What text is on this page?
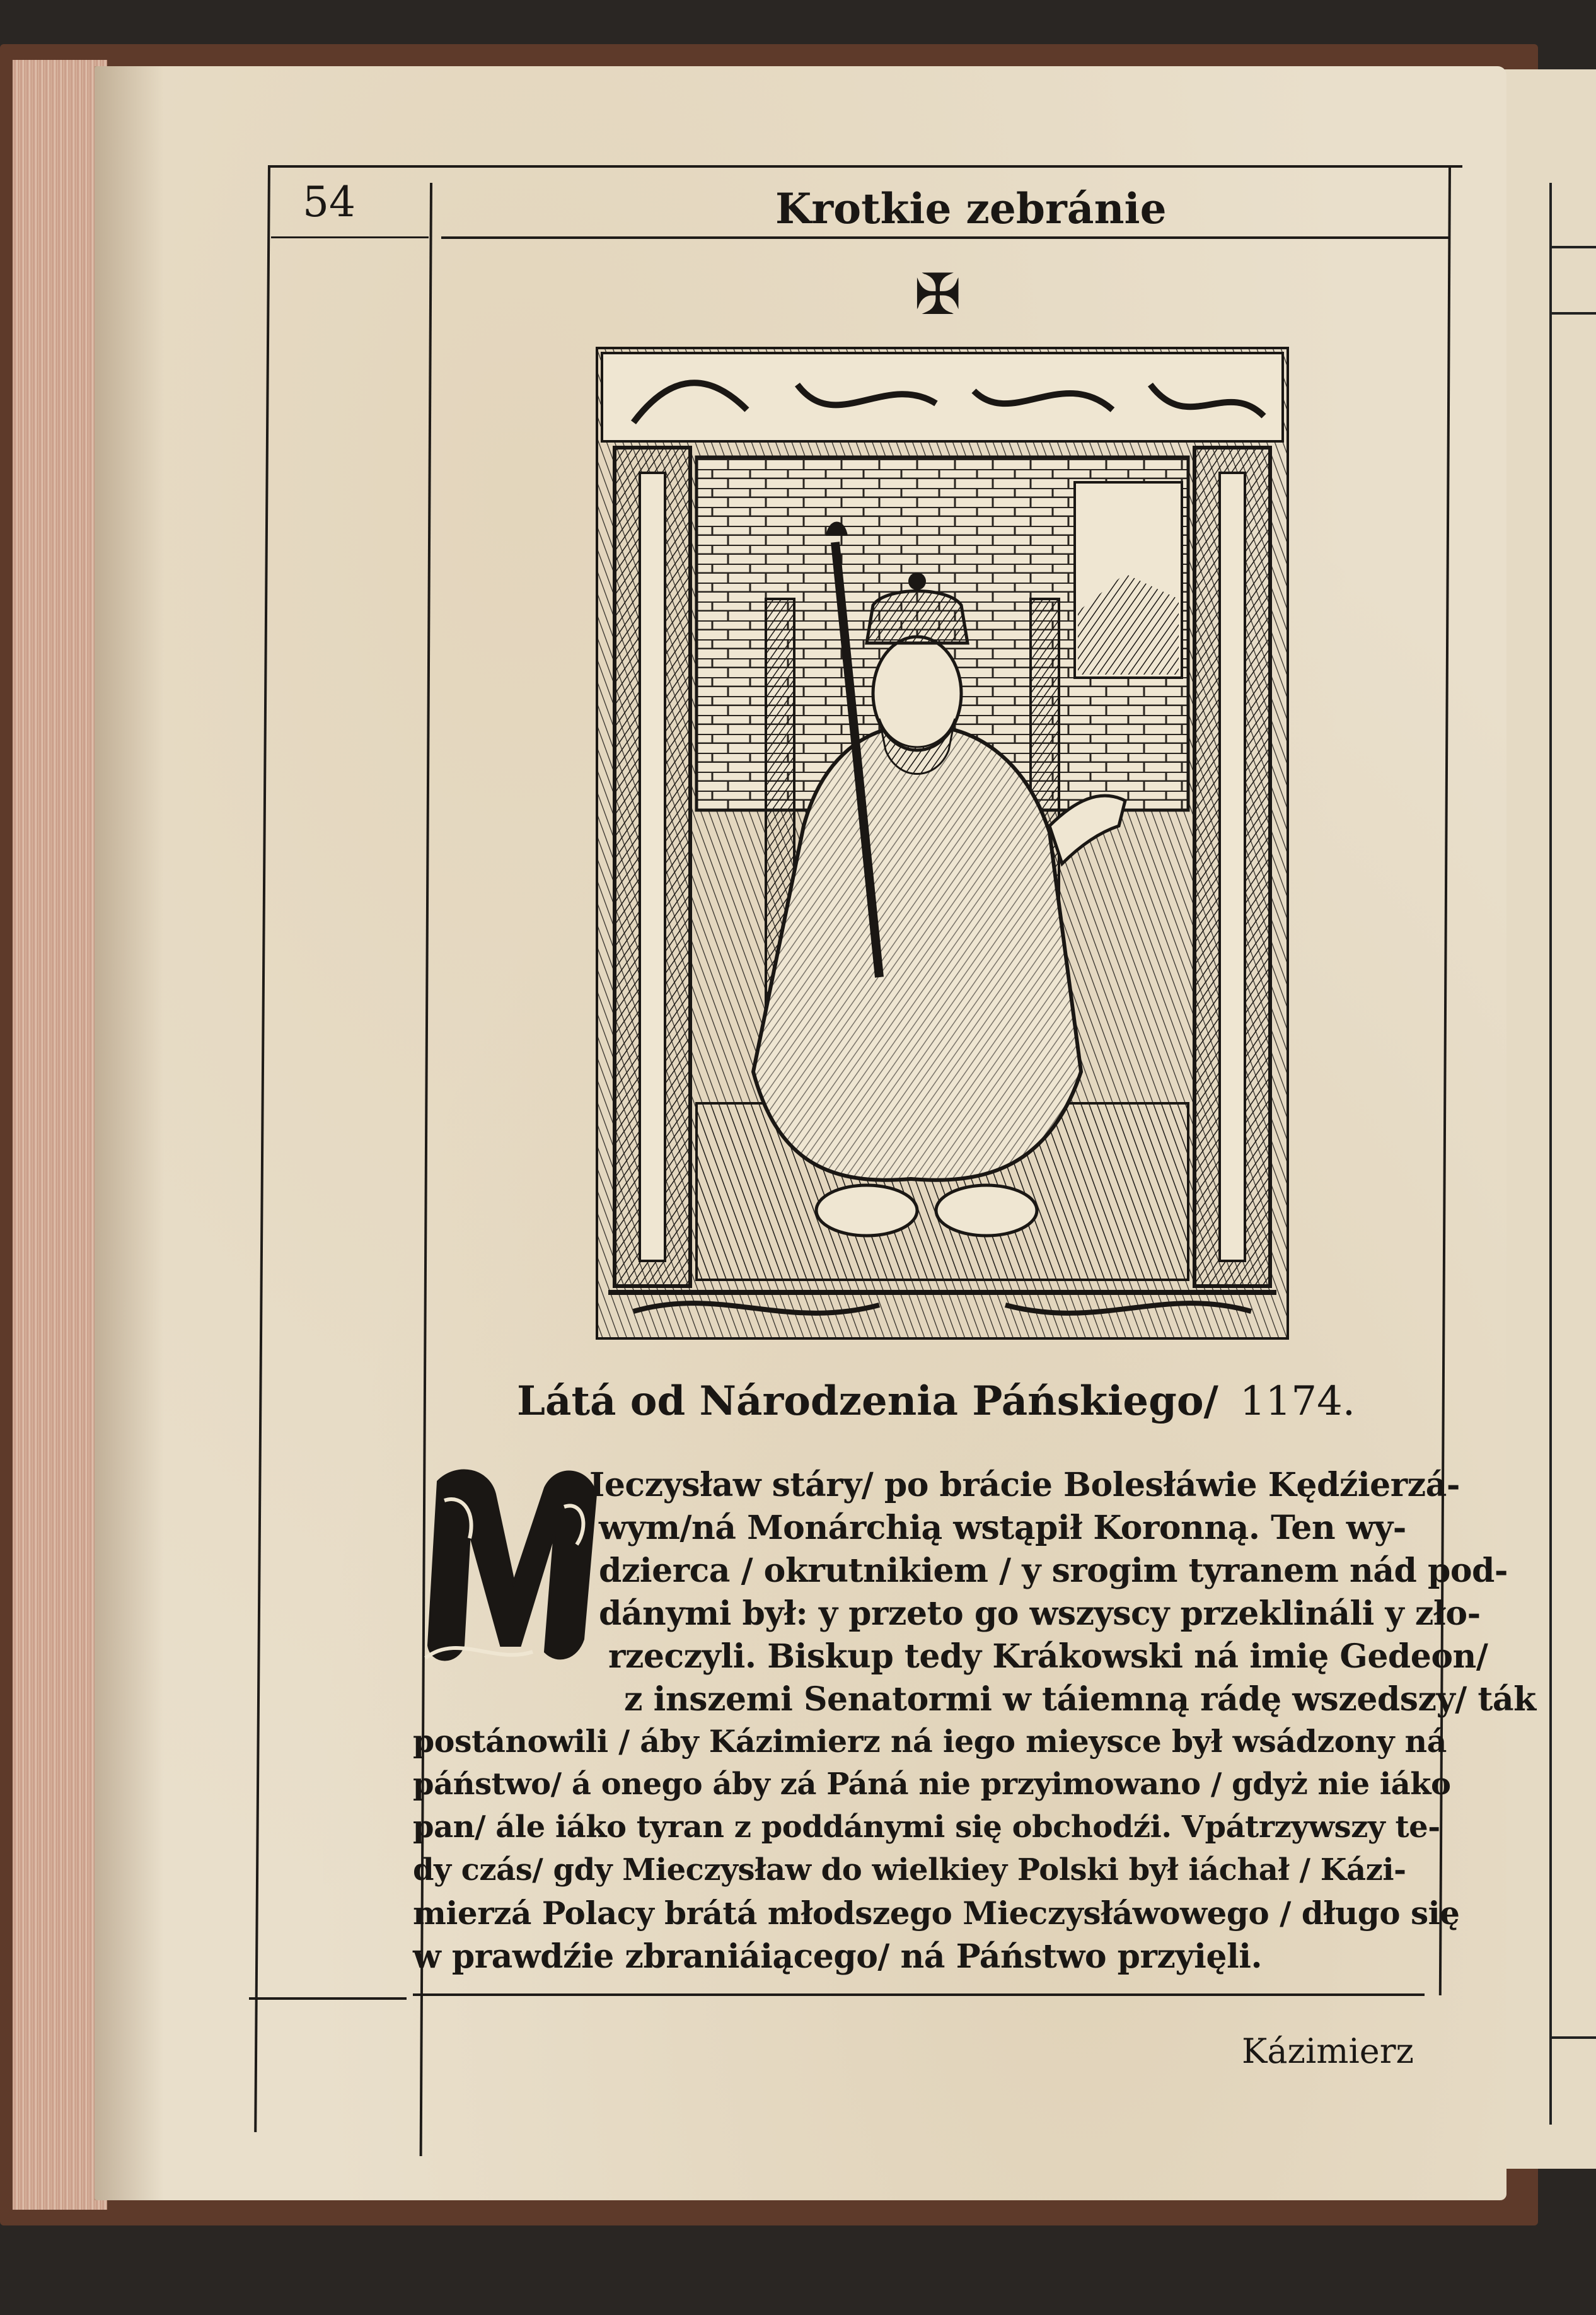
54	Krotkie zebránie
✠
Látá od Národzenia Páńskiego/ 1174.
Ieczysław stáry/ po brácie Bolesłáwie Kędźierzá-
wym/ná Monárchią wstąpił Koronną. Ten wy-
dzierca / okrutnikiem / y srogim tyranem nád pod-
dánymi był: y przeto go wszyscy przeklináli y zło-
rzeczyli. Biskup tedy Krákowski ná imię Gedeon/
z inszemi Senatormi w táiemną rádę wszedszy/ ták
postánowili / áby Kázimierz ná iego mieysce był wsádzony ná
páństwo/ á onego áby zá Páná nie przyimowano / gdyż nie iáko
pan/ ále iáko tyran z poddánymi się obchodźi. Vpátrzywszy te-
dy czás/ gdy Mieczysław do wielkiey Polski był iáchał / Kázi-
mierzá Polacy brátá młodszego Mieczysłáwowego / długo się
w prawdźie zbraniáiącego/ ná Páństwo przyięli.
Kázimierz
